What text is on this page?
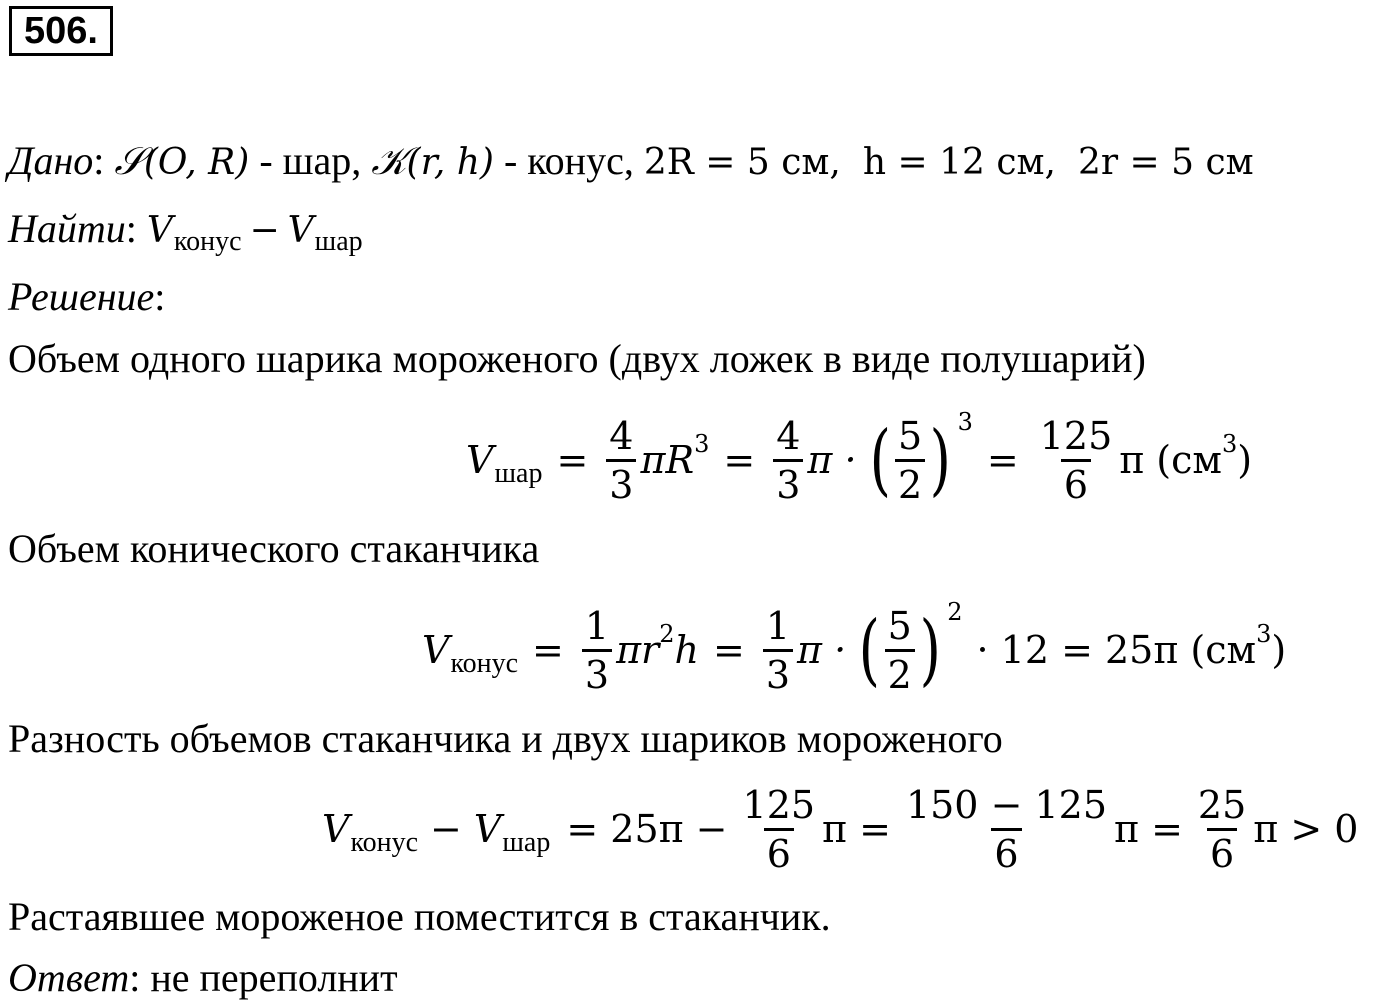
506.
Дано: 𝒮(O, R) - шар, 𝒦(r, h) - конус, 2R = 5 см, h = 12 см, 2r = 5 см
Найти: $V_{конус} - V_{шар}$
Решение:
Объем одного шарика мороженого (двух ложек в виде полушарий)
V шар = $\frac{4}{3}$ πR $3 = \frac{4}{3}$ π · ( $\frac{5}{2}$ ) 3
= $\frac{125}{6}$ π (см 3 )
Объем конического стаканчика
V конус = $\frac{1}{3}$ πr 2 $h = \frac{1}{3}$ π · ( $\frac{5}{2}$ ) 2
· 12 = 25π (см 3 )
Разность объемов стаканчика и двух шариков мороженого
V конус − V шар = $25\pi - \frac{125}{6}$ $\pi = \frac{150 - 125}{6}$ $\pi = \frac{25}{6}$ π > 0
Растаявшее мороженое поместится в стаканчик.
Ответ: не переполнит
